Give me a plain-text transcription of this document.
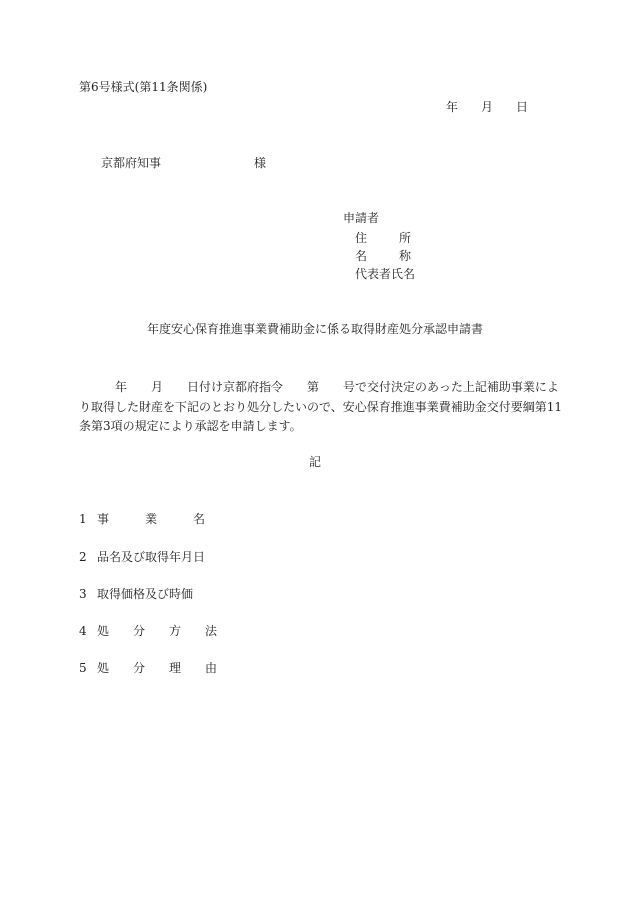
第6号様式(第11条関係)
年 月 日
京都府知事	様
申請者
住	所
名	称
代表者氏名
年度安心保育推進事業費補助金に係る取得財産処分承認申請書
　　　年　　月　　日付け京都府指令　　第　　号で交付決定のあった上記補助事業によ
り取得した財産を下記のとおり処分したいので、安心保育推進事業費補助金交付要綱第11
条第3項の規定により承認を申請します。
記
1 事　　　業　　　名
2 品名及び取得年月日
3 取得価格及び時価
4 処　　分　　方　　法
5 処　　分　　理　　由
